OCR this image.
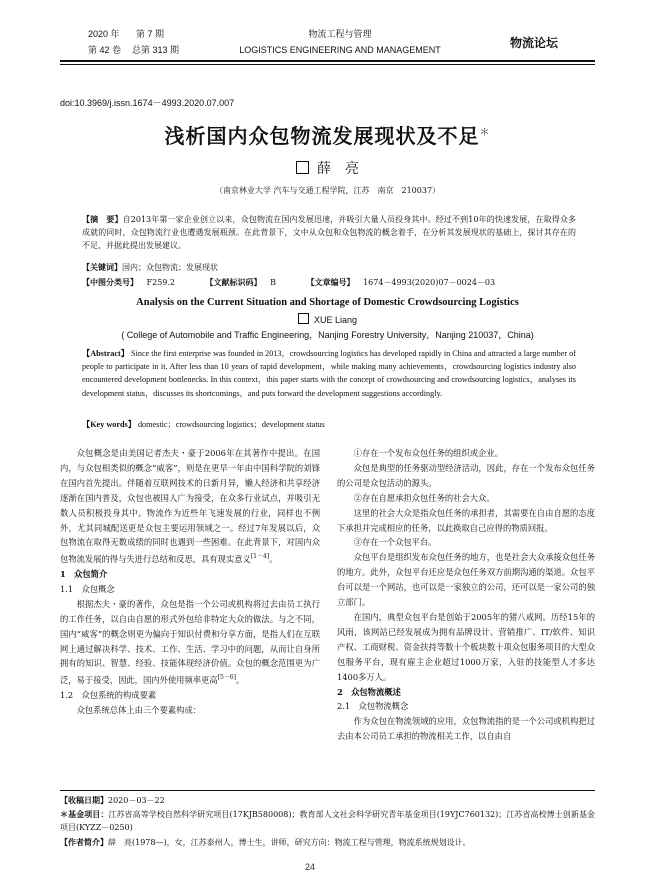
2020 年 第 7 期
第 42 卷 总第 313 期
物流工程与管理
LOGISTICS ENGINEERING AND MANAGEMENT	物流论坛
doi:10.3969/j.issn.1674－4993.2020.07.007
浅析国内众包物流发展现状及不足＊
薛　亮
（南京林业大学 汽车与交通工程学院，江苏　南京　210037）
【摘　要】自2013年第一家企业创立以来，众包物流在国内发展迅速，并吸引大量人员投身其中。经过不到10年的快速发展，在取得众多成就的同时，众包物流行业也遭遇发展瓶颈。在此背景下，文中从众包和众包物流的概念着手，在分析其发展现状的基础上，探讨其存在的不足，并据此提出发展建议。
【关键词】国内；众包物流；发展现状
【中图分类号】 F259.2	【文献标识码】 B	【文章编号】 1674－4993(2020)07－0024－03
Analysis on the Current Situation and Shortage of Domestic Crowdsourcing Logistics
XUE Liang
( College of Automobile and Traffic Engineering，Nanjing Forestry University，Nanjing 210037，China)
【Abstract】 Since the first enterprise was founded in 2013，crowdsourcing logistics has developed rapidly in China and attracted a large number of people to participate in it. After less than 10 years of rapid development，while making many achievements，crowdsourcing logistics industry also encountered development bottlenecks. In this context，this paper starts with the concept of crowdsourcing and crowdsourcing logistics，analyses its development status，discusses its shortcomings，and puts forward the development suggestions accordingly.
【Key words】 domestic；crowdsourcing logistics；development status

众包概念是由美国记者杰夫・豪于2006年在其著作中提出。在国内，与众包相类似的概念“威客”，则是在更早一年由中国科学院的刘锋在国内首先提出。伴随着互联网技术的日新月异，懒人经济和共享经济逐渐在国内普及，众包也被国人广为接受，在众多行业试点，并吸引无数人员积极投身其中。物流作为近些年飞速发展的行业，同样也不例外，尤其同城配送更是众包主要运用领域之一。经过7年发展以后，众包物流在取得无数成绩的同时也遇到一些困难。在此背景下，对国内众包物流发展的得与失进行总结和反思，具有现实意义[1－4]。

1　众包简介

1.1　众包概念

根据杰夫・豪的著作，众包是指一个公司或机构将过去由员工执行的工作任务，以自由自愿的形式外包给非特定大众的做法。与之不同，国内“威客”的概念则更为偏向于知识付费和分享方面，是指人们在互联网上通过解决科学、技术、工作、生活、学习中的问题，从而让自身所拥有的知识、智慧、经验、技能体现经济价值。众包的概念范围更为广泛，易于接受，因此，国内外使用频率更高[5－6]。

1.2　众包系统的构成要素

众包系统总体上由三个要素构成：

①存在一个发布众包任务的组织或企业。

众包是典型的任务驱动型经济活动，因此，存在一个发布众包任务的公司是众包活动的源头。

②存在自愿承担众包任务的社会大众。

这里的社会大众是指众包任务的承担者，其需要在自由自愿的态度下承担并完成相应的任务，以此换取自己应得的物质回报。

③存在一个众包平台。

众包平台是组织发布众包任务的地方，也是社会大众承接众包任务的地方。此外，众包平台还应是众包任务双方前期沟通的渠道。众包平台可以是一个网站，也可以是一家独立的公司，还可以是一家公司的独立部门。

在国内，典型众包平台是创始于2005年的猪八戒网。历经15年的风雨，该网站已经发展成为拥有品牌设计、营销推广、IT/软件、知识产权、工商财税、资金扶持等数十个板块数十项众包服务项目的大型众包服务平台，现有雇主企业超过1000万家，入驻的技能型人才多达1400多万人。

2　众包物流概述

2.1　众包物流概念

作为众包在物流领域的应用，众包物流指的是一个公司或机构把过去由本公司员工承担的物流相关工作，以自由自

【收稿日期】2020－03－22
＊基金项目：江苏省高等学校自然科学研究项目(17KJB580008)；教育部人文社会科学研究青年基金项目(19YJC760132)；江苏省高校博士创新基金项目(KYZZ－0250)
【作者简介】薛　亮(1978—)，女，江苏泰州人，博士生，讲师，研究方向：物流工程与管理，物流系统规划设计。
24
